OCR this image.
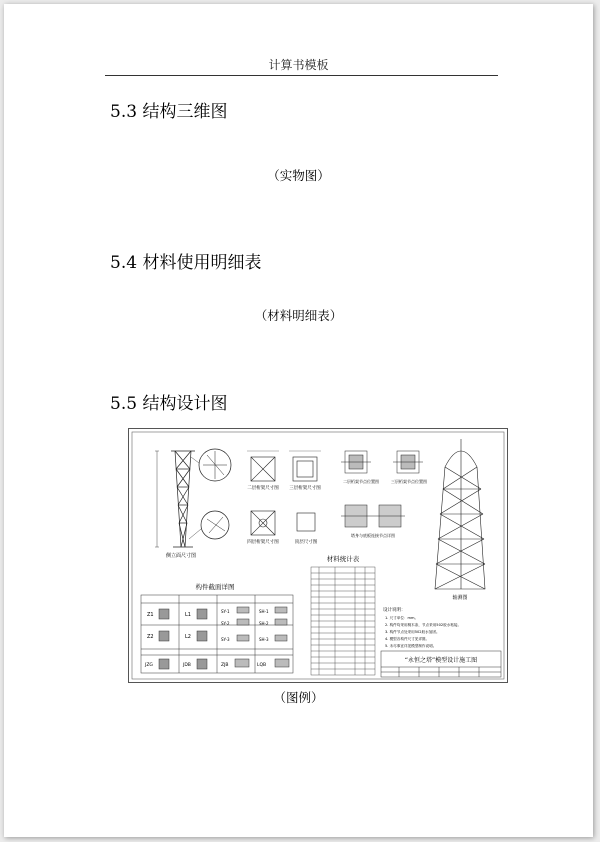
计算书模板
5.3 结构三维图
（实物图）
5.4 材料使用明细表
（材料明细表）
5.5 结构设计图
侧立面尺寸图
二层桁架尺寸图 三层桁架尺寸图
四层桁架尺寸图	顶层尺寸图
二层桁架节点位置图	三层桁架节点位置图
塔身与底板连接节点详图
轴测图
构件截面详图
Z1
Z2
JZG
L1
L2
JDB
SY-1
SY-2
SY-3
ZJB
SH-1
SH-2
SH-3
LQB
材料统计表
设计说明：
1. 尺寸单位：mm。
2. 构件均采用桐木条，节点采用502胶水粘接。
3. 构件节点处采用502胶水加固。
4. 模型各构件尺寸见详图。
5. 未尽事宜详见模型制作说明。
“永恒之塔”模型设计施工图
（图例）
